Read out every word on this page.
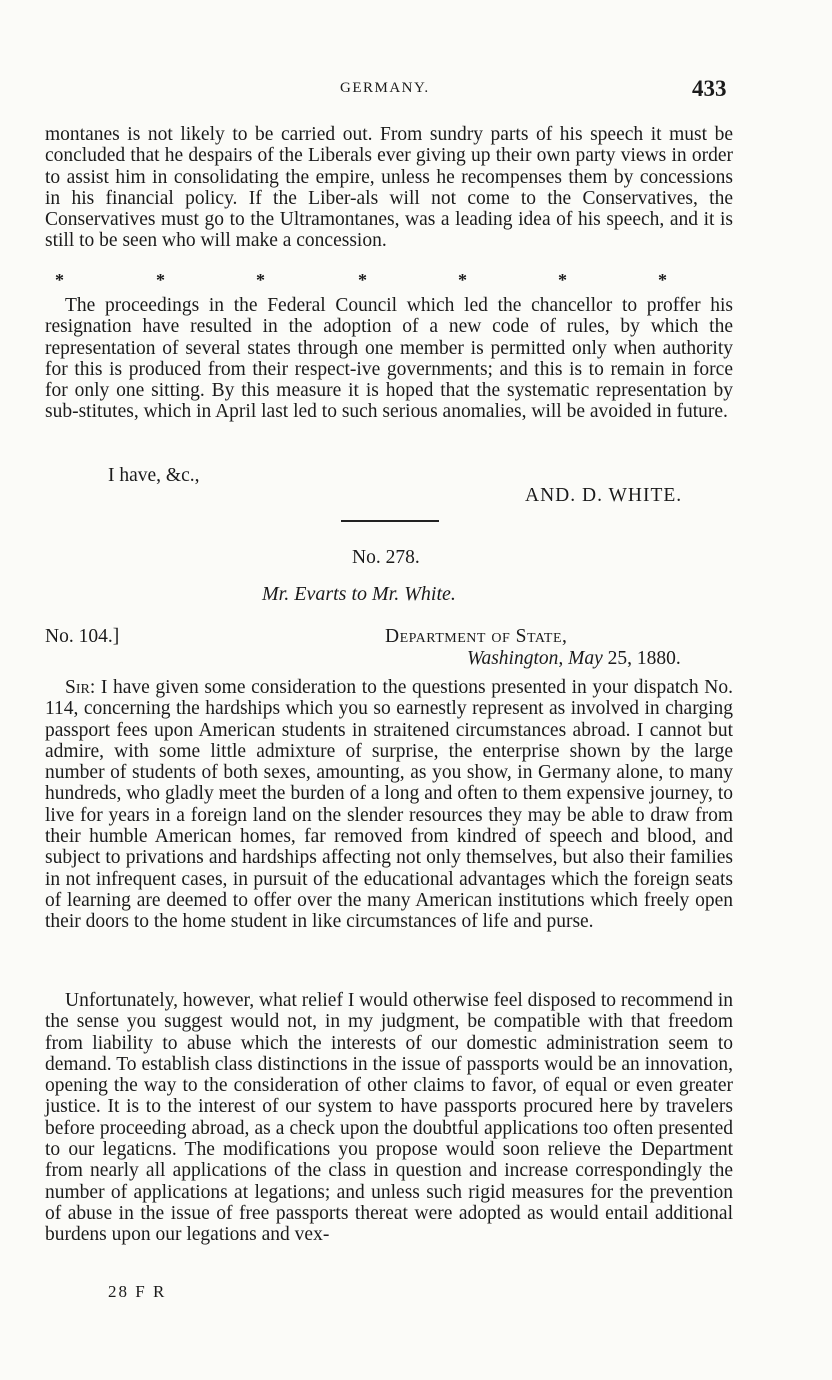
GERMANY.	433

montanes is not likely to be carried out. From sundry parts of his speech it must be concluded that he despairs of the Liberals ever giving up their own party views in order to assist him in consolidating the empire, unless he recompenses them by concessions in his financial policy. If the Liber-als will not come to the Conservatives, the Conservatives must go to the Ultramontanes, was a leading idea of his speech, and it is still to be seen who will make a concession.

*	*	*	*	*	*	*

The proceedings in the Federal Council which led the chancellor to proffer his resignation have resulted in the adoption of a new code of rules, by which the representation of several states through one member is permitted only when authority for this is produced from their respect-ive governments; and this is to remain in force for only one sitting. By this measure it is hoped that the systematic representation by sub-stitutes, which in April last led to such serious anomalies, will be avoided in future.

I have, &c.,
AND. D. WHITE.
No. 278.
Mr. Evarts to Mr. White.
No. 104.]	Department of State,
Washington, May 25, 1880.

Sir: I have given some consideration to the questions presented in your dispatch No. 114, concerning the hardships which you so earnestly represent as involved in charging passport fees upon American students in straitened circumstances abroad. I cannot but admire, with some little admixture of surprise, the enterprise shown by the large number of students of both sexes, amounting, as you show, in Germany alone, to many hundreds, who gladly meet the burden of a long and often to them expensive journey, to live for years in a foreign land on the slender resources they may be able to draw from their humble American homes, far removed from kindred of speech and blood, and subject to privations and hardships affecting not only themselves, but also their families in not infrequent cases, in pursuit of the educational advantages which the foreign seats of learning are deemed to offer over the many American institutions which freely open their doors to the home student in like circumstances of life and purse.

Unfortunately, however, what relief I would otherwise feel disposed to recommend in the sense you suggest would not, in my judgment, be compatible with that freedom from liability to abuse which the interests of our domestic administration seem to demand. To establish class distinctions in the issue of passports would be an innovation, opening the way to the consideration of other claims to favor, of equal or even greater justice. It is to the interest of our system to have passports procured here by travelers before proceeding abroad, as a check upon the doubtful applications too often presented to our legaticns. The modifications you propose would soon relieve the Department from nearly all applications of the class in question and increase correspondingly the number of applications at legations; and unless such rigid measures for the prevention of abuse in the issue of free passports thereat were adopted as would entail additional burdens upon our legations and vex-

28 F R
